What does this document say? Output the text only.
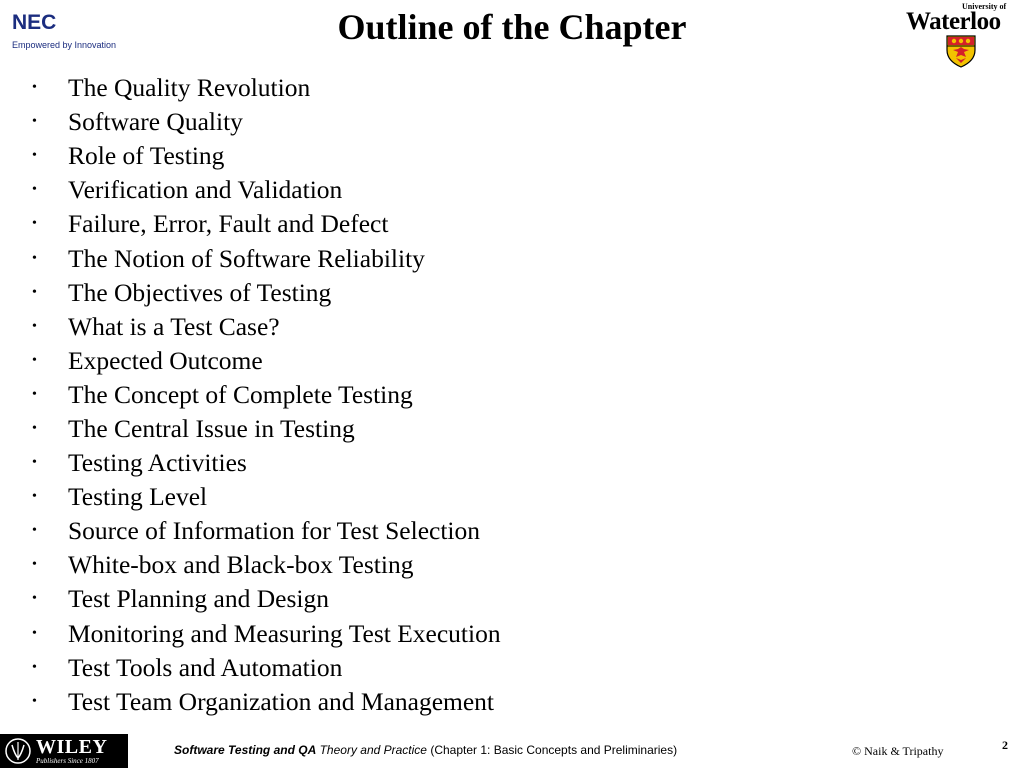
NEC
Empowered by Innovation	Outline of the Chapter
University of
Waterloo
•	The Quality Revolution
•	Software Quality
•	Role of Testing
•	Verification and Validation
•	Failure, Error, Fault and Defect
•	The Notion of Software Reliability
•	The Objectives of Testing
•	What is a Test Case?
•	Expected Outcome
•	The Concept of Complete Testing
•	The Central Issue in Testing
•	Testing Activities
•	Testing Level
•	Source of Information for Test Selection
•	White-box and Black-box Testing
•	Test Planning and Design
•	Monitoring and Measuring Test Execution
•	Test Tools and Automation
•	Test Team Organization and Management
WILEY
Publishers Since 1807
Software Testing and QA Theory and Practice (Chapter 1: Basic Concepts and Preliminaries)	© Naik & Tripathy	2
